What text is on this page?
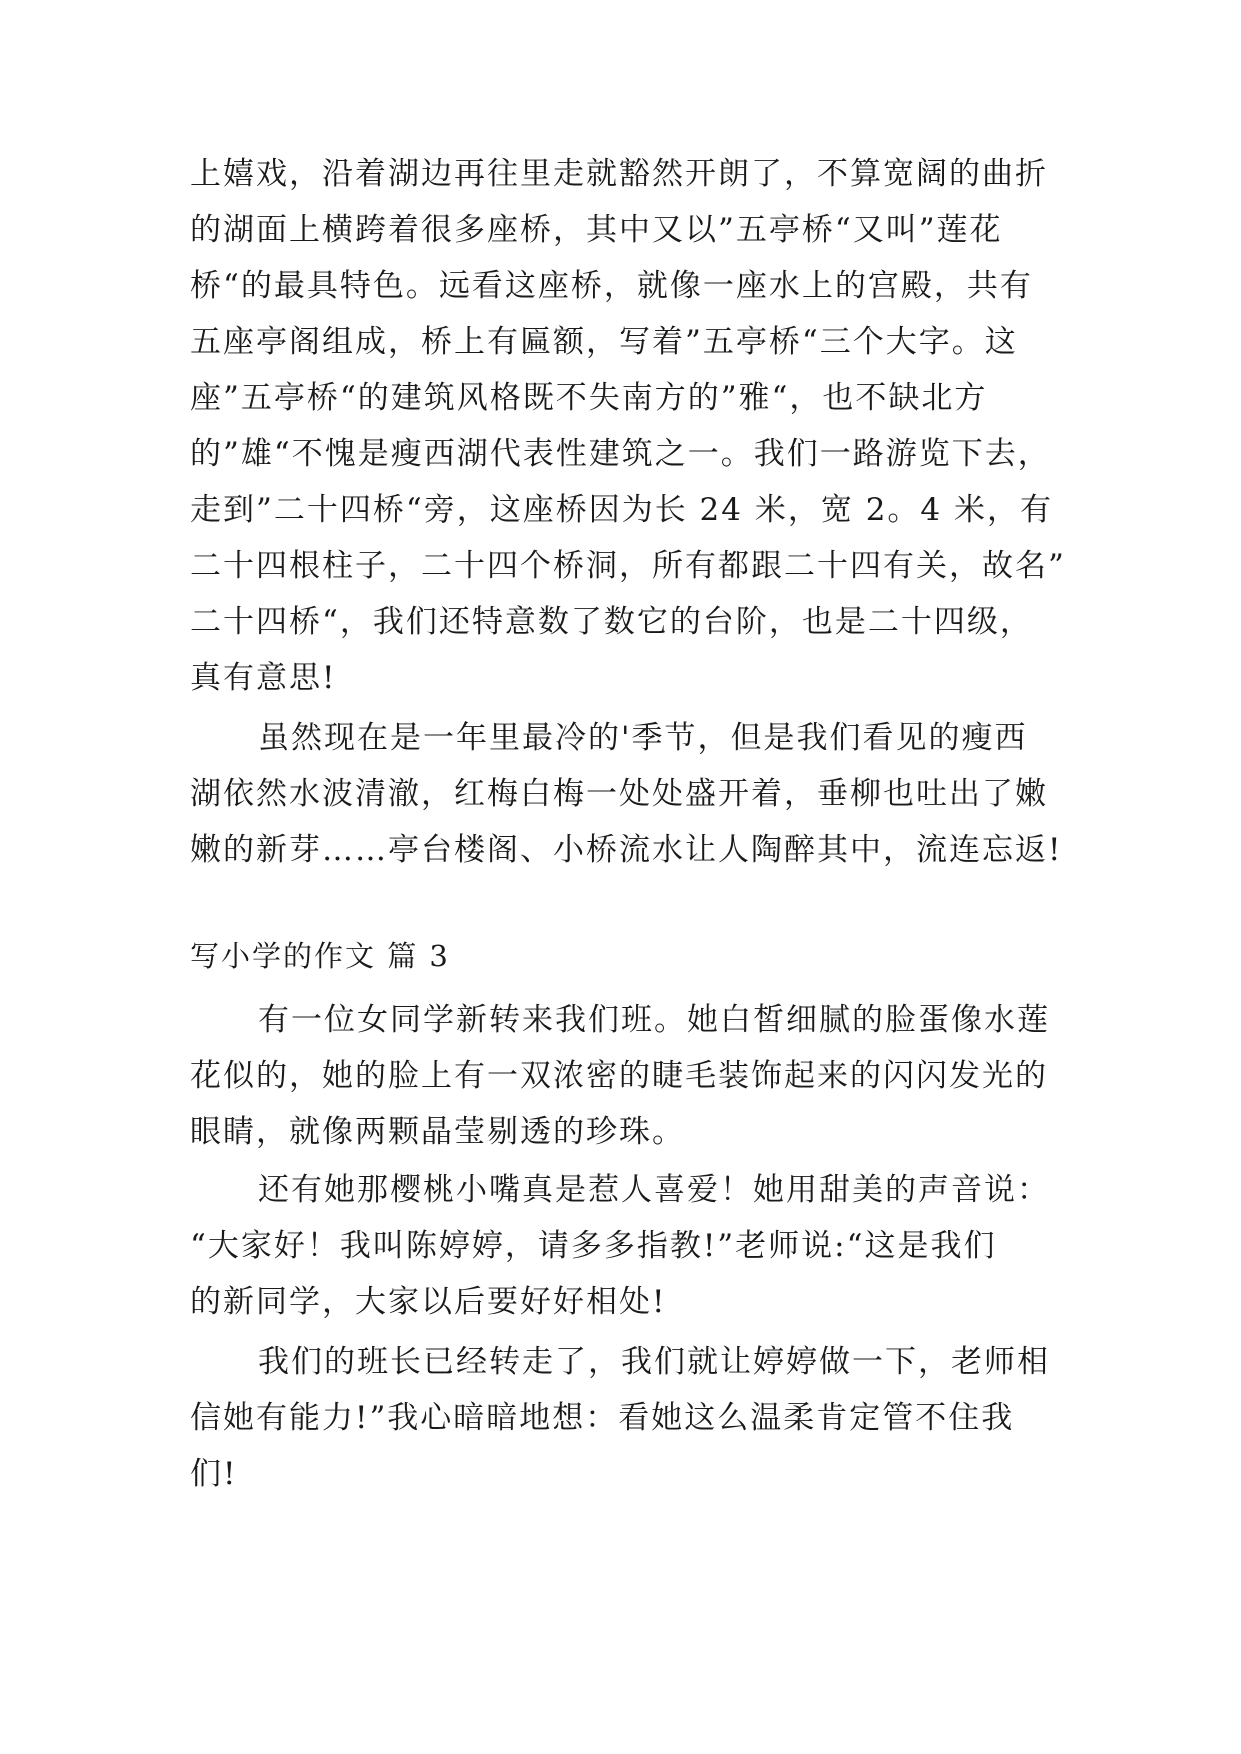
上嬉戏，沿着湖边再往里走就豁然开朗了，不算宽阔的曲折
的湖面上横跨着很多座桥，其中又以”五亭桥“又叫”莲花
桥“的最具特色。远看这座桥，就像一座水上的宫殿，共有
五座亭阁组成，桥上有匾额，写着”五亭桥“三个大字。这
座”五亭桥“的建筑风格既不失南方的”雅“，也不缺北方
的”雄“不愧是瘦西湖代表性建筑之一。我们一路游览下去，
走到”二十四桥“旁，这座桥因为长 24 米，宽 2。4 米，有
二十四根柱子，二十四个桥洞，所有都跟二十四有关，故名”
二十四桥“，我们还特意数了数它的台阶，也是二十四级，
真有意思!
虽然现在是一年里最冷的'季节，但是我们看见的瘦西
湖依然水波清澈，红梅白梅一处处盛开着，垂柳也吐出了嫩
嫩的新芽……亭台楼阁、小桥流水让人陶醉其中，流连忘返!
写小学的作文 篇 3
有一位女同学新转来我们班。她白皙细腻的脸蛋像水莲
花似的，她的脸上有一双浓密的睫毛装饰起来的闪闪发光的
眼睛，就像两颗晶莹剔透的珍珠。
还有她那樱桃小嘴真是惹人喜爱！她用甜美的声音说：
“大家好！我叫陈婷婷，请多多指教!”老师说:“这是我们
的新同学，大家以后要好好相处!
我们的班长已经转走了，我们就让婷婷做一下，老师相
信她有能力!”我心暗暗地想：看她这么温柔肯定管不住我
们!
